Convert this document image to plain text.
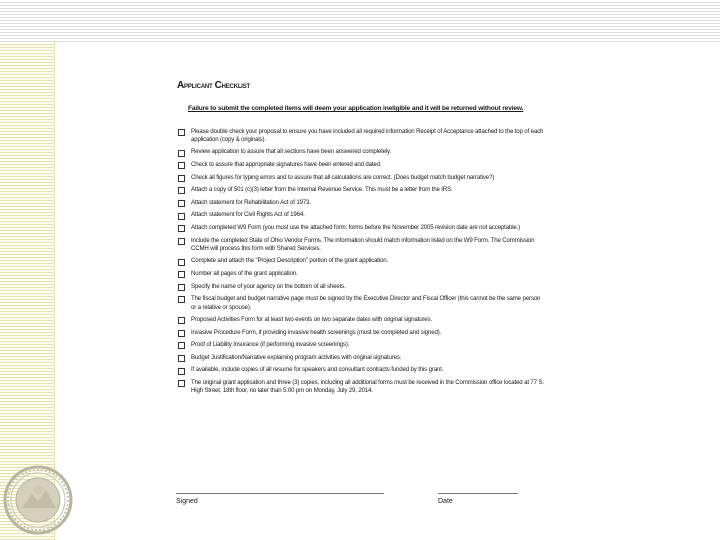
Applicant Checklist
Failure to submit the completed items will deem your application ineligible and it will be returned without review.
Please double check your proposal to ensure you have included all required information Receipt of Acceptance attached to the top of each application (copy & originals).
Review application to assure that all sections have been answered completely.
Check to assure that appropriate signatures have been entered and dated.
Check all figures for typing errors and to assure that all calculations are correct. (Does budget match budget narrative?)
Attach a copy of 501 (c)(3) letter from the Internal Revenue Service. This must be a letter from the IRS.
Attach statement for Rehabilitation Act of 1973.
Attach statement for Civil Rights Act of 1964.
Attach completed W9 Form (you must use the attached form; forms before the November 2005 revision date are not acceptable.)
Include the completed State of Ohio Vendor Forms. The information should match information listed on the W9 Form. The Commission CCMH will process this form with Shared Services.
Complete and attach the "Project Description" portion of the grant application.
Number all pages of the grant application.
Specify the name of your agency on the bottom of all sheets.
The fiscal budget and budget narrative page must be signed by the Executive Director and Fiscal Officer (this cannot be the same person or a relative or spouse).
Proposed Activities Form for at least two events on two separate dates with original signatures.
Invasive Procedure Form, if providing invasive health screenings (must be completed and signed).
Proof of Liability Insurance (if performing invasive screenings).
Budget Justification/Narrative explaining program activities with original signatures.
If available, include copies of all resume for speakers and consultant contracts funded by this grant.
The original grant application and three (3) copies, including all additional forms must be received in the Commission office located at 77 S. High Street, 18th floor, no later than 5:00 pm on Monday, July 29, 2014.
Signed	Date
